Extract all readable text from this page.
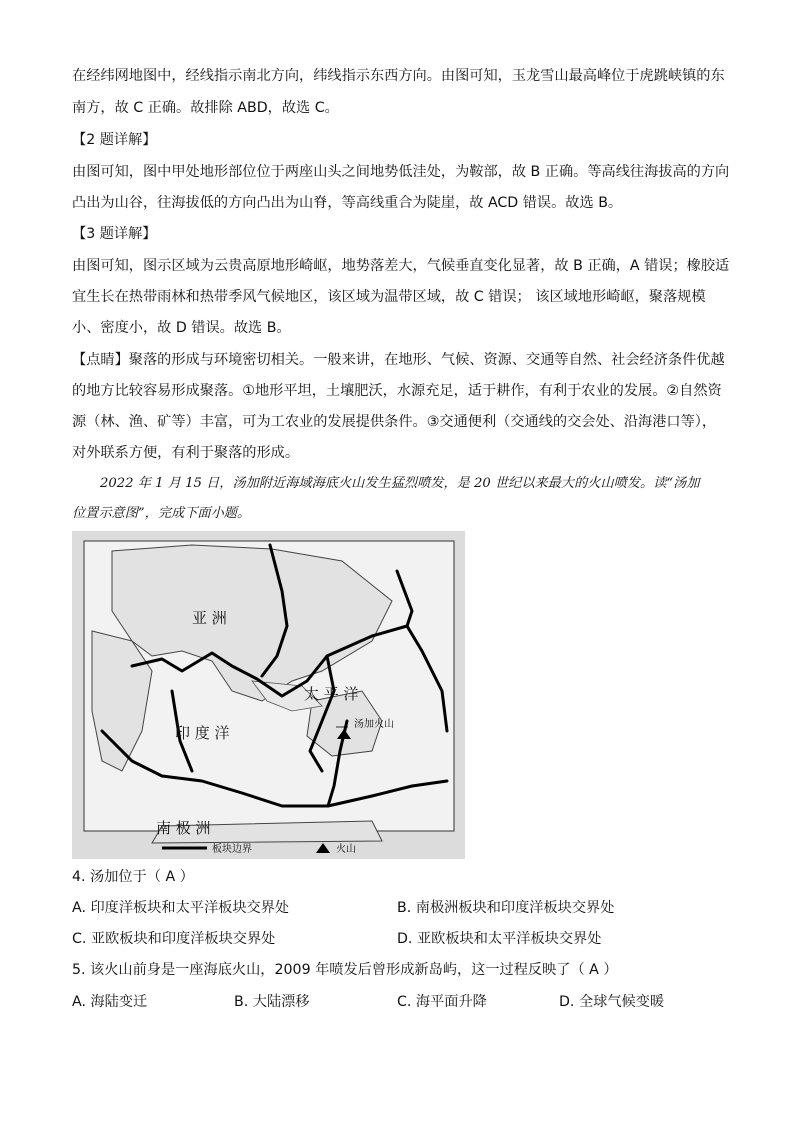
在经纬网地图中，经线指示南北方向，纬线指示东西方向。由图可知，玉龙雪山最高峰位于虎跳峡镇的东
南方，故 C 正确。故排除 ABD，故选 C。
【2 题详解】
由图可知，图中甲处地形部位位于两座山头之间地势低洼处，为鞍部，故 B 正确。等高线往海拔高的方向
凸出为山谷，往海拔低的方向凸出为山脊，等高线重合为陡崖，故 ACD 错误。故选 B。
【3 题详解】
由图可知，图示区域为云贵高原地形崎岖，地势落差大，气候垂直变化显著，故 B 正确，A 错误；橡胶适
宜生长在热带雨林和热带季风气候地区，该区域为温带区域，故 C 错误； 该区域地形崎岖，聚落规模
小、密度小，故 D 错误。故选 B。
【点睛】聚落的形成与环境密切相关。一般来讲，在地形、气候、资源、交通等自然、社会经济条件优越
的地方比较容易形成聚落。①地形平坦，土壤肥沃，水源充足，适于耕作，有利于农业的发展。②自然资
源（林、渔、矿等）丰富，可为工农业的发展提供条件。③交通便利（交通线的交会处、沿海港口等），
对外联系方便，有利于聚落的形成。
2022 年 1 月 15 日，汤加附近海域海底火山发生猛烈喷发，是 20 世纪以来最大的火山喷发。读“汤加
位置示意图”，完成下面小题。
亚 洲
太 平 洋
印 度 洋	汤加火山
南 极 洲
板块边界	火山
4. 汤加位于（ A ）
A. 印度洋板块和太平洋板块交界处	B. 南极洲板块和印度洋板块交界处
C. 亚欧板块和印度洋板块交界处	D. 亚欧板块和太平洋板块交界处
5. 该火山前身是一座海底火山，2009 年喷发后曾形成新岛屿，这一过程反映了（ A ）
A. 海陆变迁	B. 大陆漂移	C. 海平面升降	D. 全球气候变暖
